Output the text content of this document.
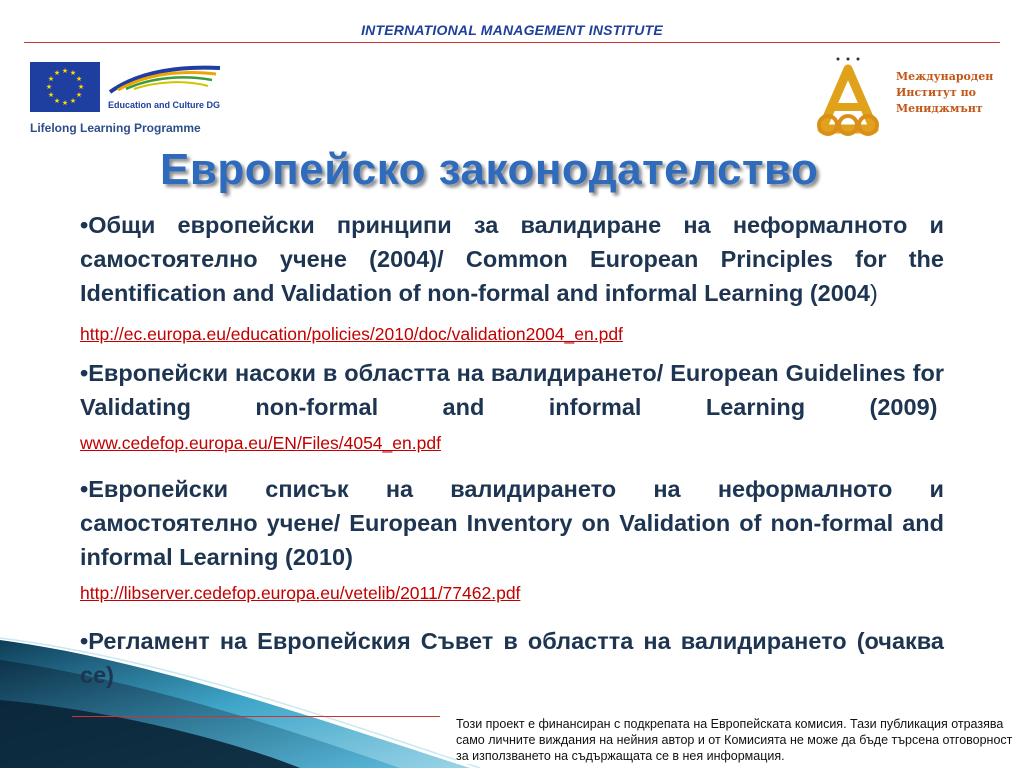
INTERNATIONAL MANAGEMENT INSTITUTE
★ ★
★
★
★
★
★
★
★
★
★
★
Education and Culture DG
Lifelong Learning Programme
Международен
Институт по
Мениджмънт
Европейско законодателство

•Общи европейски принципи за валидиране на неформалното и самостоятелно учене (2004)/ Common European Principles for the Identification and Validation of non-formal and informal Learning (2004)

http://ec.europa.eu/education/policies/2010/doc/validation2004_en.pdf

•Европейски насоки в областта на валидирането/ European Guidelines for Validating non-formal and informal Learning (2009)  www.cedefop.europa.eu/EN/Files/4054_en.pdf

•Европейски списък на валидирането на неформалното и самостоятелно учене/ European Inventory on Validation of non-formal and informal Learning (2010)
http://libserver.cedefop.europa.eu/vetelib/2011/77462.pdf

•Регламент на Европейския Съвет в областта на валидирането (очаква се)

Този проект е финансиран с подкрепата на Европейската комисия. Тази публикация отразява само личните виждания на нейния автор и от Комисията не може да бъде търсена отговорност за използването на съдържащата се в нея информация.
